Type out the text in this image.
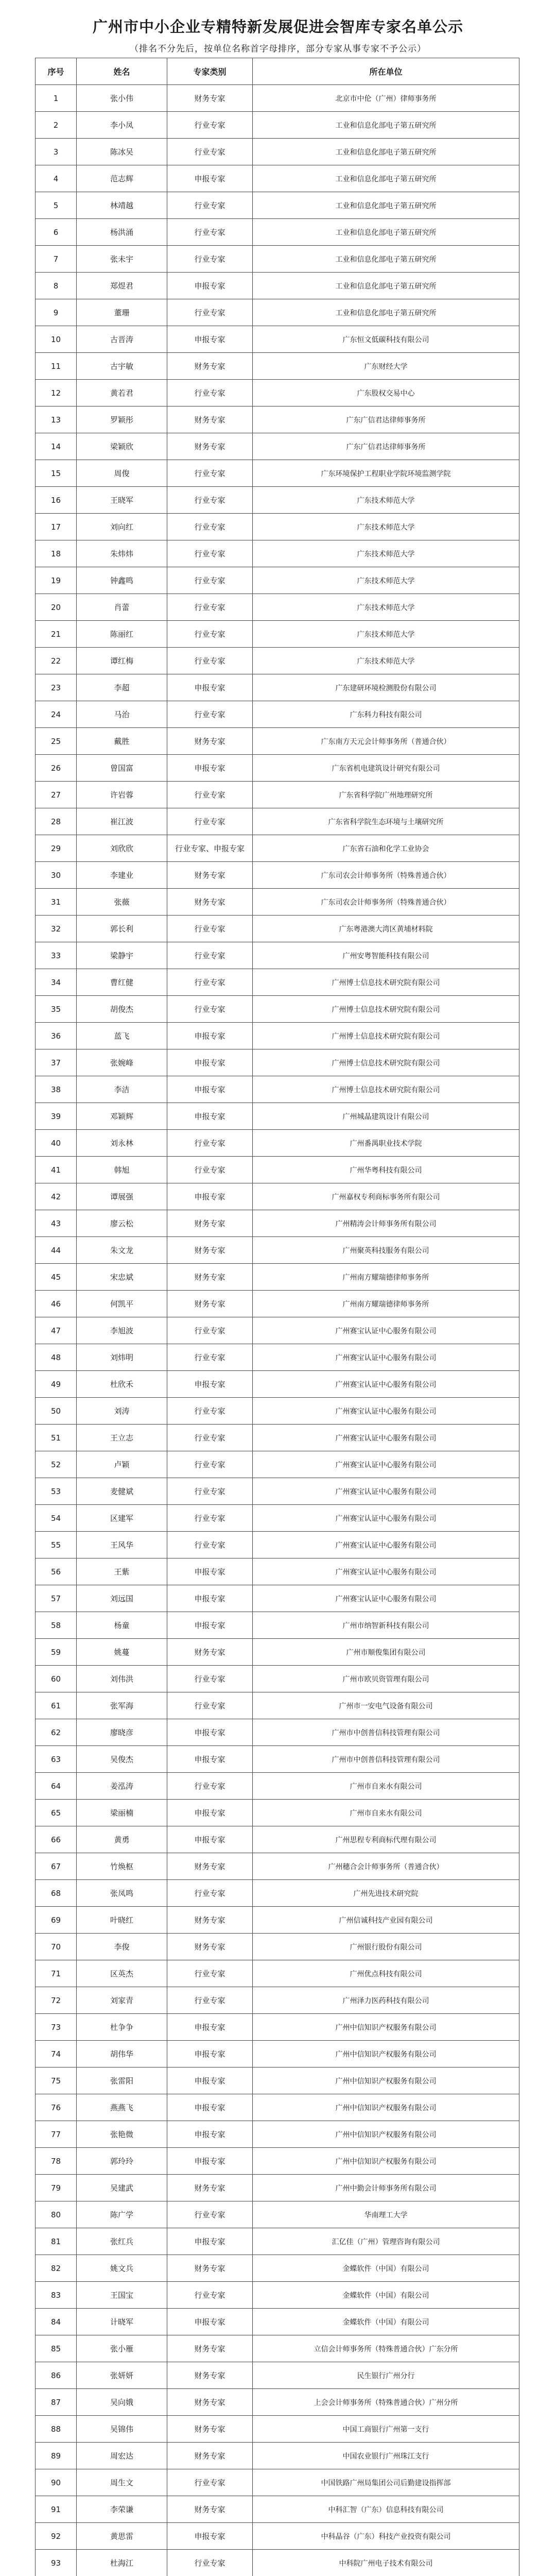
广州市中小企业专精特新发展促进会智库专家名单公示
（排名不分先后，按单位名称首字母排序，部分专家从事专家不予公示）
序号	姓名	专家类别	所在单位
1	张小伟	财务专家	北京市中伦（广州）律师事务所
2	李小凤	行业专家	工业和信息化部电子第五研究所
3	陈冰吴	行业专家	工业和信息化部电子第五研究所
4	范志辉	申报专家	工业和信息化部电子第五研究所
5	林靖越	行业专家	工业和信息化部电子第五研究所
6	杨洪涌	行业专家	工业和信息化部电子第五研究所
7	张未宇	行业专家	工业和信息化部电子第五研究所
8	郑煜君	申报专家	工业和信息化部电子第五研究所
9	董珊	行业专家	工业和信息化部电子第五研究所
10	古晋涛	申报专家	广东恒文低碳科技有限公司
11	古宇敏	财务专家	广东财经大学
12	黄若君	行业专家	广东股权交易中心
13	罗颖彤	财务专家	广东广信君达律师事务所
14	梁颖欣	财务专家	广东广信君达律师事务所
15	周俊	行业专家	广东环境保护工程职业学院环境监测学院
16	王晓军	行业专家	广东技术师范大学
17	刘向红	行业专家	广东技术师范大学
18	朱炜炜	行业专家	广东技术师范大学
19	钟鑫鸣	行业专家	广东技术师范大学
20	肖蕾	行业专家	广东技术师范大学
21	陈丽红	行业专家	广东技术师范大学
22	谭红梅	行业专家	广东技术师范大学
23	李超	申报专家	广东建研环境检测股份有限公司
24	马治	行业专家	广东科力科技有限公司
25	戴胜	财务专家	广东南方天元会计师事务所（普通合伙）
26	曾国富	申报专家	广东省机电建筑设计研究有限公司
27	许岩蓉	行业专家	广东省科学院广州地理研究所
28	崔江波	行业专家	广东省科学院生态环境与土壤研究所
29	刘欣欣	行业专家、申报专家	广东省石油和化学工业协会
30	李建业	财务专家	广东司农会计师事务所（特殊普通合伙）
31	张薇	财务专家	广东司农会计师事务所（特殊普通合伙）
32	郭长利	行业专家	广东粤港澳大湾区黄埔材料院
33	梁静宇	行业专家	广州安粤智能科技有限公司
34	曹红健	行业专家	广州博士信息技术研究院有限公司
35	胡俊杰	行业专家	广州博士信息技术研究院有限公司
36	蓝飞	申报专家	广州博士信息技术研究院有限公司
37	张婉峰	申报专家	广州博士信息技术研究院有限公司
38	李洁	申报专家	广州博士信息技术研究院有限公司
39	邓颖辉	申报专家	广州城晶建筑设计有限公司
40	刘永林	行业专家	广州番禺职业技术学院
41	韩旭	行业专家	广州华粤科技有限公司
42	谭展强	申报专家	广州嘉权专利商标事务所有限公司
43	廖云松	财务专家	广州精涛会计师事务所有限公司
44	朱文龙	财务专家	广州聚英科技服务有限公司
45	宋忠斌	财务专家	广州南方耀瑞德律师事务所
46	何凯平	财务专家	广州南方耀瑞德律师事务所
47	李旭波	行业专家	广州赛宝认证中心服务有限公司
48	刘炜明	行业专家	广州赛宝认证中心服务有限公司
49	杜欣禾	申报专家	广州赛宝认证中心服务有限公司
50	刘涛	行业专家	广州赛宝认证中心服务有限公司
51	王立志	行业专家	广州赛宝认证中心服务有限公司
52	卢颖	行业专家	广州赛宝认证中心服务有限公司
53	麦健斌	行业专家	广州赛宝认证中心服务有限公司
54	区建军	行业专家	广州赛宝认证中心服务有限公司
55	王风华	行业专家	广州赛宝认证中心服务有限公司
56	王紫	申报专家	广州赛宝认证中心服务有限公司
57	刘远国	申报专家	广州赛宝认证中心服务有限公司
58	杨童	申报专家	广州市纳智新科技有限公司
59	姚蔓	财务专家	广州市顺俊集团有限公司
60	刘伟洪	行业专家	广州市欧贝资管理有限公司
61	张军海	行业专家	广州市一安电气设备有限公司
62	廖晓彦	申报专家	广州市中创普信科技管理有限公司
63	吴俊杰	申报专家	广州市中创普信科技管理有限公司
64	姜泓涛	行业专家	广州市自来水有限公司
65	梁丽楠	申报专家	广州市自来水有限公司
66	黄勇	申报专家	广州思程专利商标代理有限公司
67	竹焕枢	财务专家	广州穗合会计师事务所（普通合伙）
68	张凤鸣	行业专家	广州先进技术研究院
69	叶晓红	财务专家	广州信诚科技产业园有限公司
70	李俊	财务专家	广州银行股份有限公司
71	区英杰	行业专家	广州优点科技有限公司
72	刘家青	行业专家	广州泽力医药科技有限公司
73	杜争争	申报专家	广州中信知识产权服务有限公司
74	胡伟华	申报专家	广州中信知识产权服务有限公司
75	张雷阳	申报专家	广州中信知识产权服务有限公司
76	燕燕飞	申报专家	广州中信知识产权服务有限公司
77	张艳微	申报专家	广州中信知识产权服务有限公司
78	郭玲玲	申报专家	广州中信知识产权服务有限公司
79	吴建武	财务专家	广州中勤会计师事务所有限公司
80	陈广学	行业专家	华南理工大学
81	张红兵	申报专家	汇亿佳（广州）管理咨询有限公司
82	姚文兵	财务专家	金蝶软件（中国）有限公司
83	王国宝	行业专家	金蝶软件（中国）有限公司
84	计晓军	申报专家	金蝶软件（中国）有限公司
85	张小雁	财务专家	立信会计师事务所（特殊普通合伙）广东分所
86	张妍妍	财务专家	民生银行广州分行
87	吴向娥	财务专家	上会会计师事务所（特殊普通合伙）广州分所
88	吴锦伟	财务专家	中国工商银行广州第一支行
89	周宏达	财务专家	中国农业银行广州珠江支行
90	周生文	行业专家	中国铁路广州局集团公司后勤建设指挥部
91	李荣谦	财务专家	中科汇智（广东）信息科技有限公司
92	黄思雷	申报专家	中科晶谷（广东）科技产业投资有限公司
93	杜海江	行业专家	中科院广州电子技术有限公司
